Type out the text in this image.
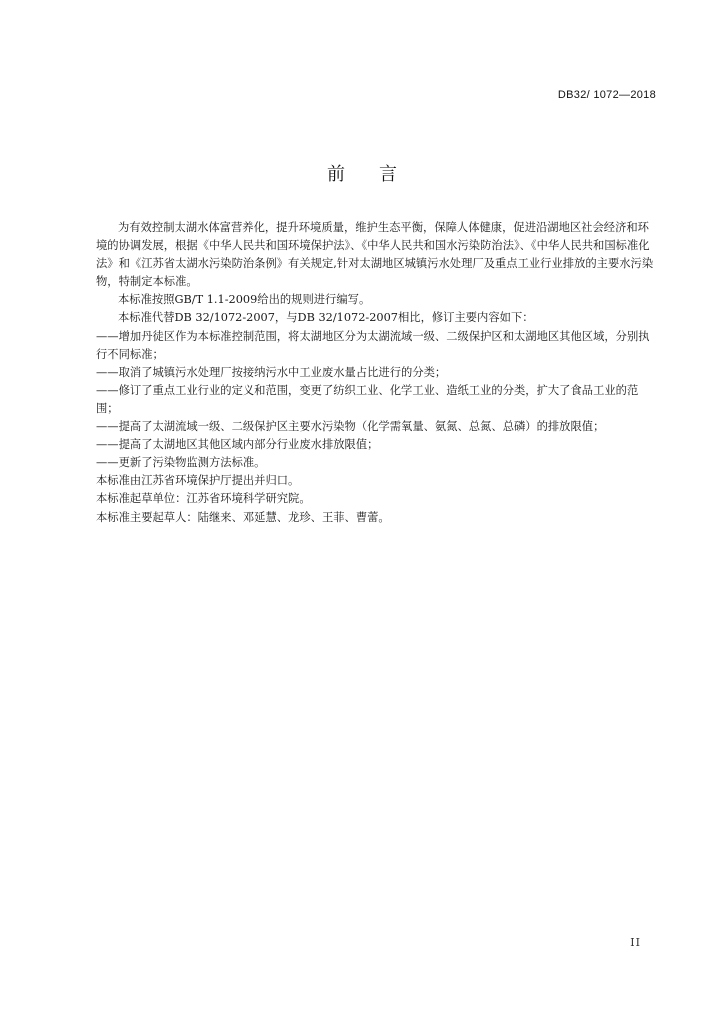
DB32/ 1072—2018
前 言

为有效控制太湖水体富营养化，提升环境质量，维护生态平衡，保障人体健康，促进沿湖地区社会经济和环境的协调发展，根据《中华人民共和国环境保护法》、《中华人民共和国水污染防治法》、《中华人民共和国标准化法》和《江苏省太湖水污染防治条例》有关规定,针对太湖地区城镇污水处理厂及重点工业行业排放的主要水污染物，特制定本标准。

本标准按照GB/T 1.1-2009给出的规则进行编写。

本标准代替DB 32/1072-2007，与DB 32/1072-2007相比，修订主要内容如下：

——增加丹徒区作为本标准控制范围，将太湖地区分为太湖流域一级、二级保护区和太湖地区其他区域，分别执行不同标准；

——取消了城镇污水处理厂按接纳污水中工业废水量占比进行的分类；

——修订了重点工业行业的定义和范围，变更了纺织工业、化学工业、造纸工业的分类，扩大了食品工业的范围；

——提高了太湖流域一级、二级保护区主要水污染物（化学需氧量、氨氮、总氮、总磷）的排放限值；

——提高了太湖地区其他区域内部分行业废水排放限值；

——更新了污染物监测方法标准。

本标准由江苏省环境保护厅提出并归口。

本标准起草单位：江苏省环境科学研究院。

本标准主要起草人：陆继来、邓延慧、龙珍、王菲、曹蕾。

II
